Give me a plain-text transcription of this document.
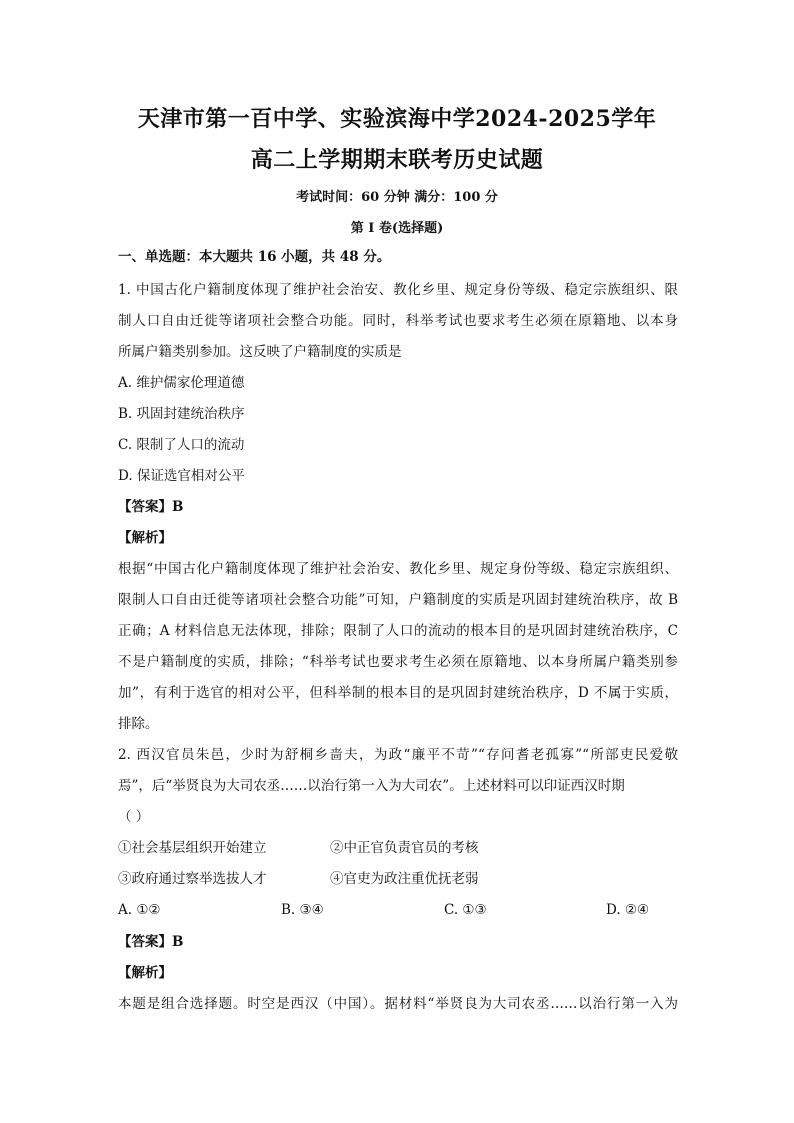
天津市第一百中学、实验滨海中学2024-2025学年
高二上学期期末联考历史试题
考试时间：60 分钟 满分：100 分
第 I 卷(选择题)
一、单选题：本大题共 16 小题，共 48 分。
1. 中国古化户籍制度体现了维护社会治安、教化乡里、规定身份等级、稳定宗族组织、限
制人口自由迁徙等诸项社会整合功能。同时，科举考试也要求考生必须在原籍地、以本身
所属户籍类别参加。这反映了户籍制度的实质是
A. 维护儒家伦理道德
B. 巩固封建统治秩序
C. 限制了人口的流动
D. 保证选官相对公平
【答案】B
【解析】
根据“中国古化户籍制度体现了维护社会治安、教化乡里、规定身份等级、稳定宗族组织、
限制人口自由迁徙等诸项社会整合功能”可知，户籍制度的实质是巩固封建统治秩序，故 B
正确；A 材料信息无法体现，排除；限制了人口的流动的根本目的是巩固封建统治秩序，C
不是户籍制度的实质，排除；“科举考试也要求考生必须在原籍地、以本身所属户籍类别参
加”，有利于选官的相对公平，但科举制的根本目的是巩固封建统治秩序，D 不属于实质，
排除。
2. 西汉官员朱邑，少时为舒桐乡啬夫，为政“廉平不苛”“存问耆老孤寡”“所部吏民爱敬
焉”，后“举贤良为大司农丞……以治行第一入为大司农”。上述材料可以印证西汉时期
（ ）
①社会基层组织开始建立	②中正官负责官员的考核
③政府通过察举选拔人才	④官吏为政注重优抚老弱
A. ①②	B. ③④	C. ①③	D. ②④
【答案】B
【解析】
本题是组合选择题。时空是西汉（中国）。据材料“举贤良为大司农丞……以治行第一入为
